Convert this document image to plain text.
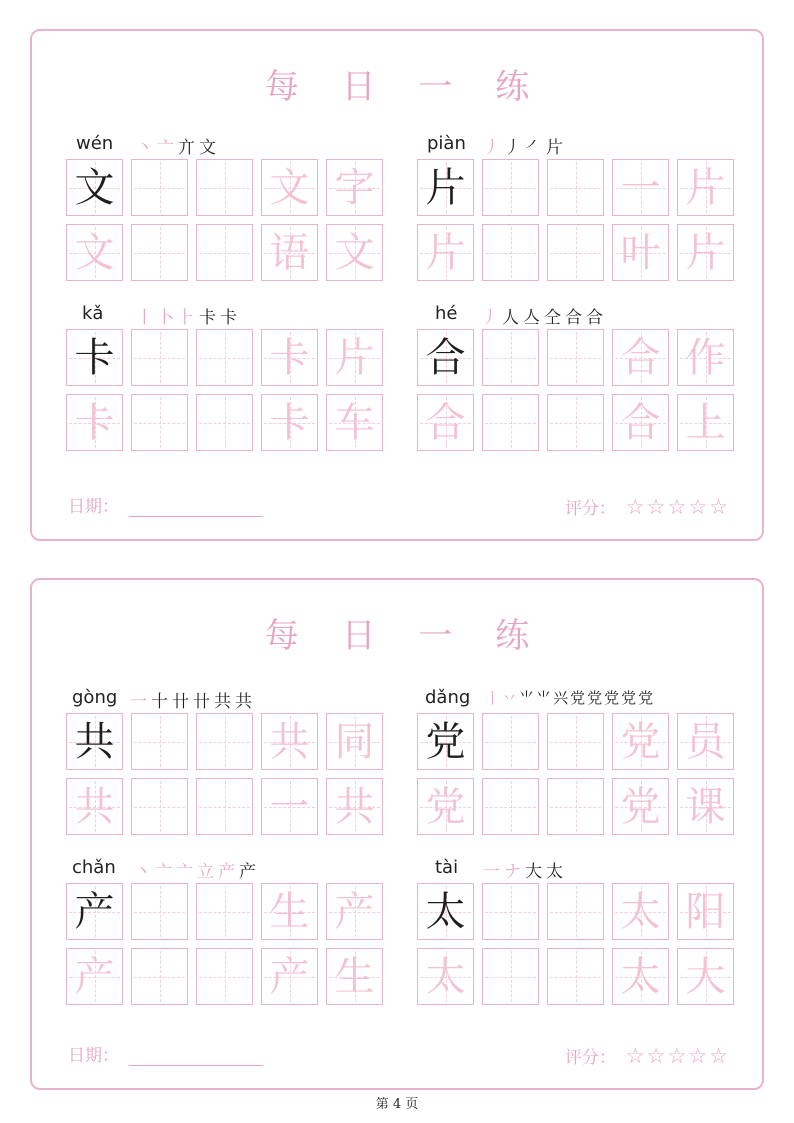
每 日 一 练
wén 丶 亠 亣 文
文	文 字
文	语 文
piàn 丿 丿 ㇒ 片
片	一 片
片	叶 片
kǎ 丨 卜 ⺊ 卡 卡
卡	卡 片
卡	卡 车
hé 丿 人 亼 仝 合 合
合	合 作
合	合 上
日期：	评分： ☆☆☆☆☆
每 日 一 练
gòng 一 十 卄 卄 共 共
共	共 同
共	一 共
dǎng 丨 丷 ⺌ ⺌ 兴 党 党 党 党 党
党	党 员
党	党 课
chǎn 丶 亠 亠 立 产 产
产	生 产
产	产 生
tài 一 ナ 大 太
太	太 阳
太	太 大
日期：	评分： ☆☆☆☆☆
第 4 页
